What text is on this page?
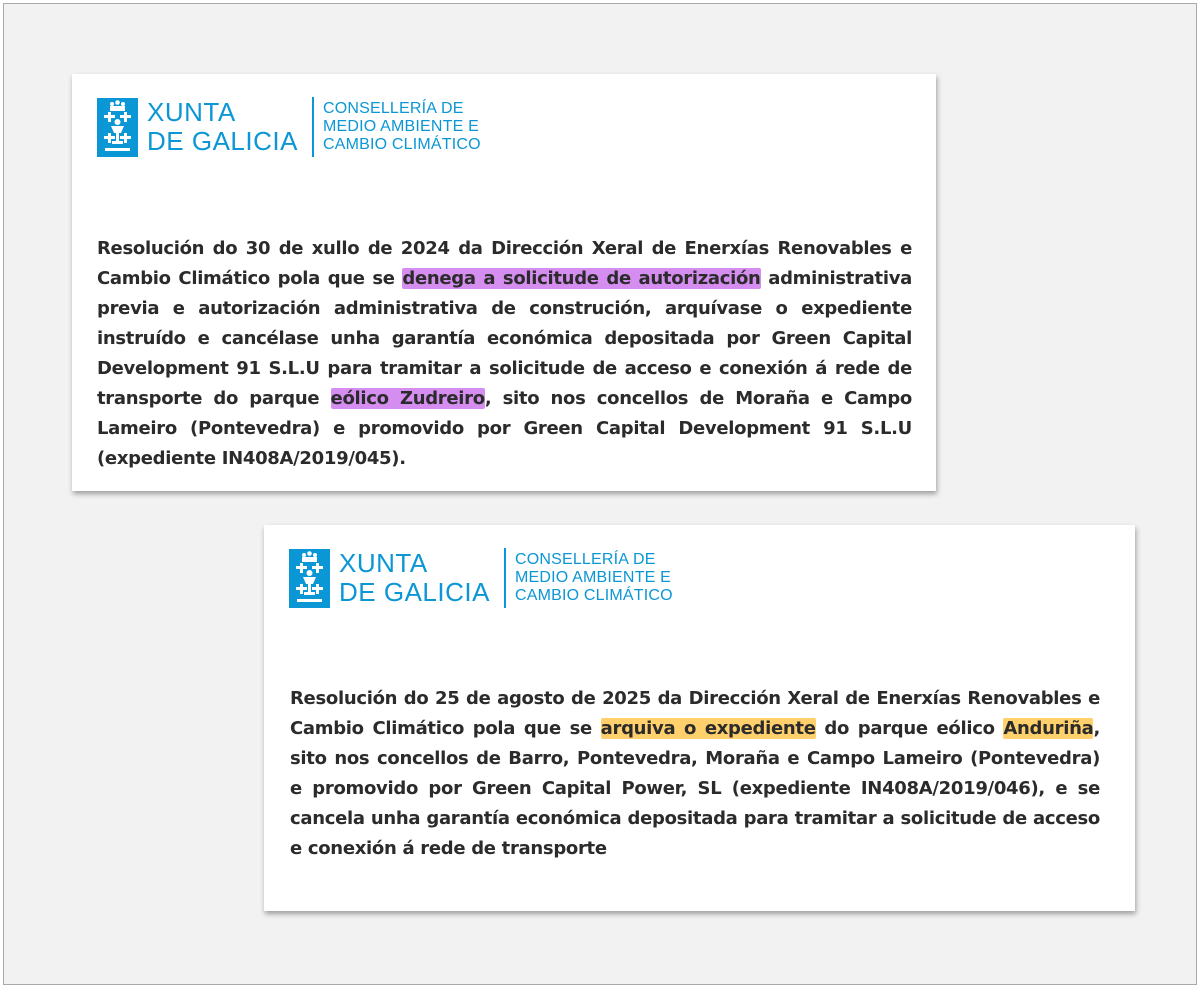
XUNTA
DE GALICIA
CONSELLERÍA DE
MEDIO AMBIENTE E
CAMBIO CLIMÁTICO
Resolución do 30 de xullo de 2024 da Dirección Xeral de Enerxías Renovables e Cambio Climático pola que se denega a solicitude de autorización administrativa previa e autorización administrativa de construción, arquívase o expediente instruído e cancélase unha garantía económica depositada por Green Capital Development 91 S.L.U para tramitar a solicitude de acceso e conexión á rede de transporte do parque eólico Zudreiro, sito nos concellos de Moraña e Campo Lameiro (Pontevedra) e promovido por Green Capital Development 91 S.L.U (expediente IN408A/2019/045).
XUNTA
DE GALICIA
CONSELLERÍA DE
MEDIO AMBIENTE E
CAMBIO CLIMÁTICO
Resolución do 25 de agosto de 2025 da Dirección Xeral de Enerxías Renovables e Cambio Climático pola que se arquiva o expediente do parque eólico Anduriña, sito nos concellos de Barro, Pontevedra, Moraña e Campo Lameiro (Pontevedra) e promovido por Green Capital Power, SL (expediente IN408A/2019/046), e se cancela unha garantía económica depositada para tramitar a solicitude de acceso e conexión á rede de transporte
